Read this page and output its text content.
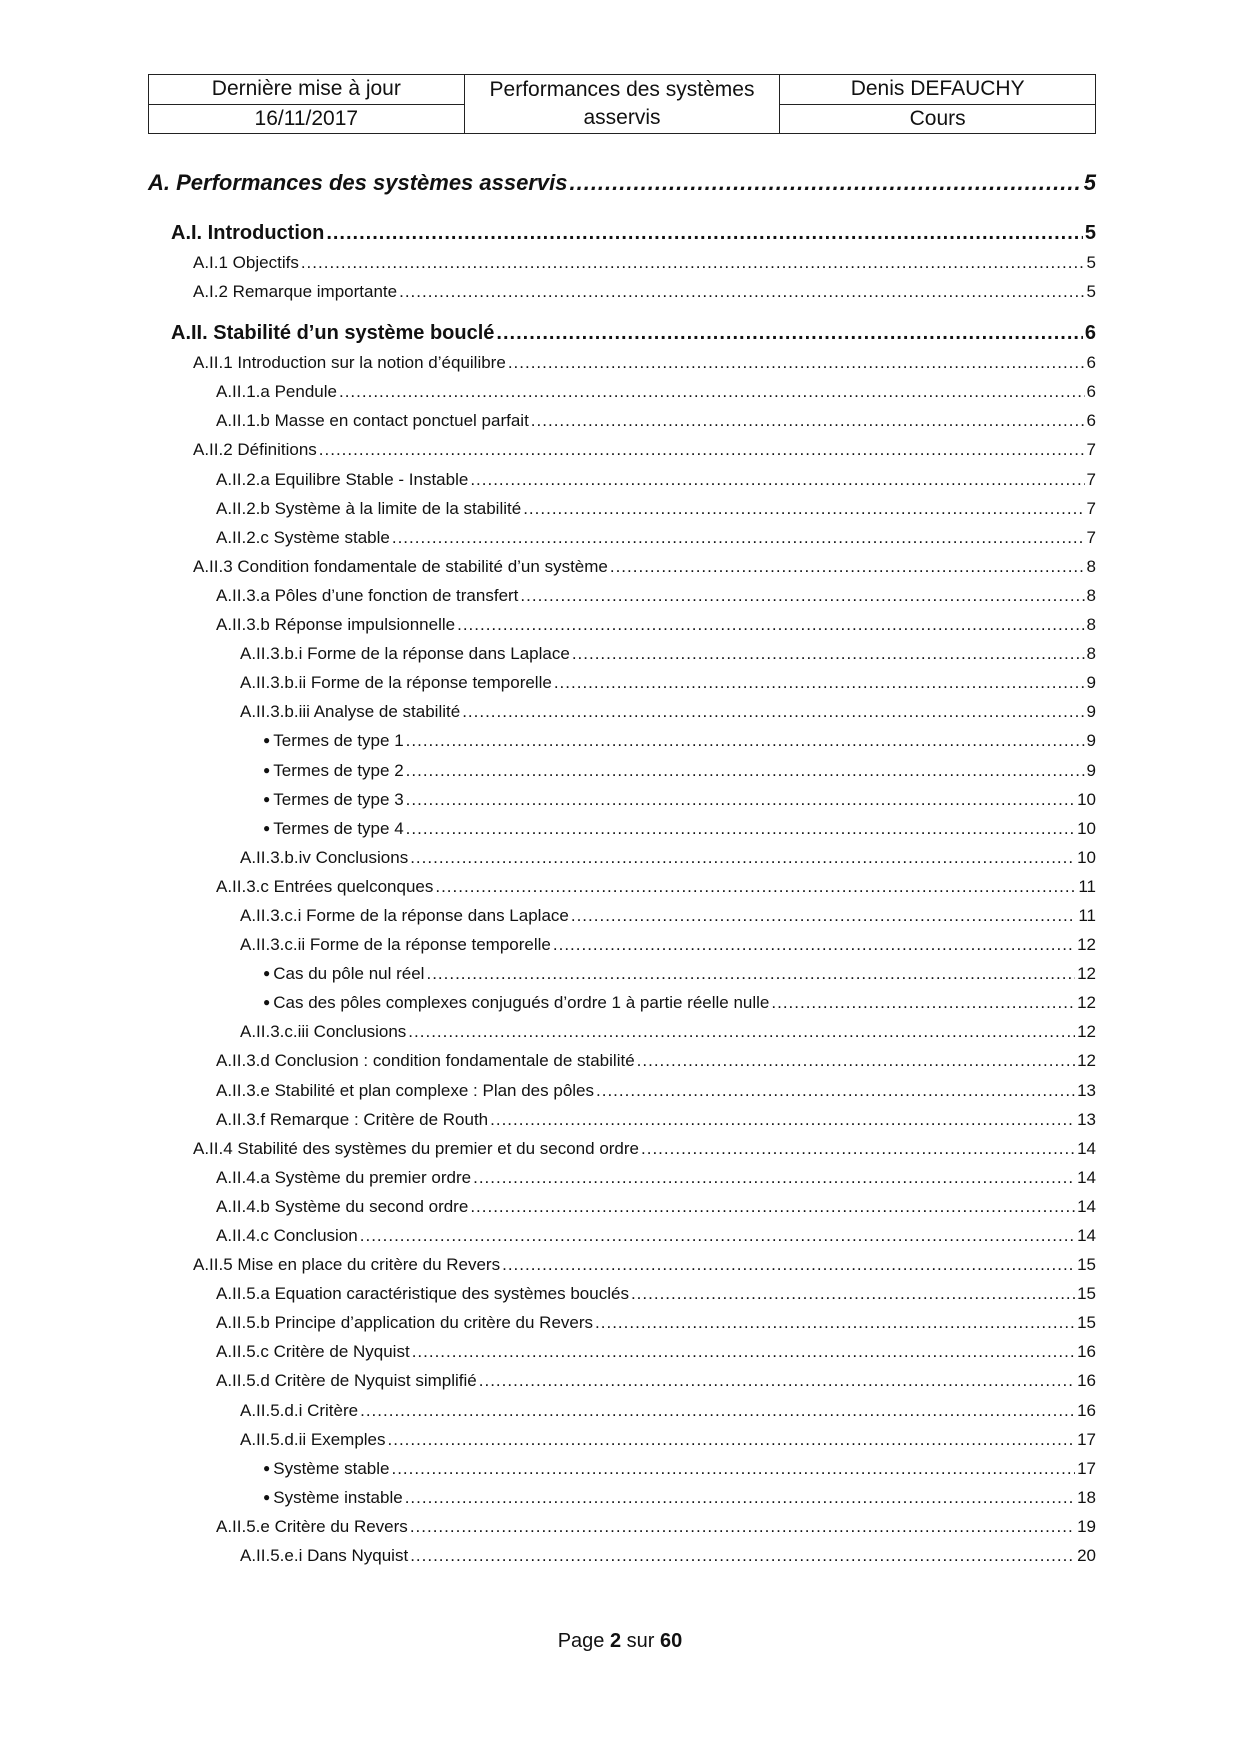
Dernière mise à jour	Performances des systèmes asservis	Denis DEFAUCHY
16/11/2017		Cours
A. Performances des systèmes asservis .....	5
A.I. Introduction .....	5
A.I.1 Objectifs .....	5
A.I.2 Remarque importante .....	5
A.II. Stabilité d’un système bouclé .....	6
A.II.1 Introduction sur la notion d’équilibre .....	6
A.II.1.a Pendule .....	6
A.II.1.b Masse en contact ponctuel parfait .....	6
A.II.2 Définitions .....	7
A.II.2.a Equilibre Stable - Instable .....	7
A.II.2.b Système à la limite de la stabilité .....	7
A.II.2.c Système stable .....	7
A.II.3 Condition fondamentale de stabilité d’un système .....	8
A.II.3.a Pôles d’une fonction de transfert .....	8
A.II.3.b Réponse impulsionnelle .....	8
A.II.3.b.i Forme de la réponse dans Laplace .....	8
A.II.3.b.ii Forme de la réponse temporelle .....	9
A.II.3.b.iii Analyse de stabilité .....	9
● Termes de type 1 .....	9
● Termes de type 2 .....	9
● Termes de type 3 .....	10
● Termes de type 4 .....	10
A.II.3.b.iv Conclusions .....	10
A.II.3.c Entrées quelconques .....	11
A.II.3.c.i Forme de la réponse dans Laplace .....	11
A.II.3.c.ii Forme de la réponse temporelle .....	12
● Cas du pôle nul réel .....	12
● Cas des pôles complexes conjugués d’ordre 1 à partie réelle nulle .....	12
A.II.3.c.iii Conclusions .....	12
A.II.3.d Conclusion : condition fondamentale de stabilité .....	12
A.II.3.e Stabilité et plan complexe : Plan des pôles .....	13
A.II.3.f Remarque : Critère de Routh .....	13
A.II.4 Stabilité des systèmes du premier et du second ordre .....	14
A.II.4.a Système du premier ordre .....	14
A.II.4.b Système du second ordre .....	14
A.II.4.c Conclusion .....	14
A.II.5 Mise en place du critère du Revers .....	15
A.II.5.a Equation caractéristique des systèmes bouclés .....	15
A.II.5.b Principe d’application du critère du Revers .....	15
A.II.5.c Critère de Nyquist .....	16
A.II.5.d Critère de Nyquist simplifié .....	16
A.II.5.d.i Critère .....	16
A.II.5.d.ii Exemples .....	17
● Système stable .....	17
● Système instable .....	18
A.II.5.e Critère du Revers .....	19
A.II.5.e.i Dans Nyquist .....	20
Page 2 sur 60
